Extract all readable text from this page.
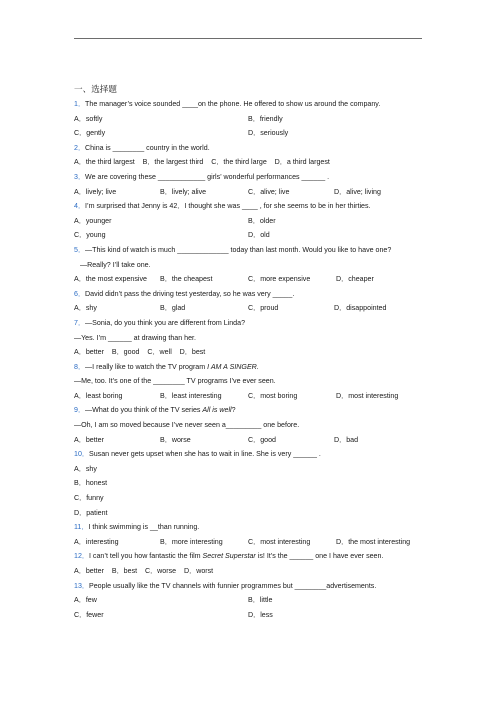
一、选择题
1．The manager’s voice sounded ____on the phone. He offered to show us around the company.
A．softly	B．friendly
C．gently	D．seriously
2．China is ________ country in the world.
A．the third largest    B．the largest third    C．the third large    D．a third largest
3．We are covering these ____________ girls’ wonderful performances ______ .
A．lively; live	B．lively; alive	C．alive; live	D．alive; living
4．I’m surprised that Jenny is 42．I thought she was ____ , for she seems to be in her thirties.
A．younger	B．older
C．young	D．old
5．—This kind of watch is much _____________ today than last month. Would you like to have one?
—Really? I’ll take one.
A．the most expensive	B．the cheapest	C．more expensive	D．cheaper
6．David didn’t pass the driving test yesterday, so he was very _____.
A．shy	B．glad	C．proud	D．disappointed
7．—Sonia, do you think you are different from Linda?
—Yes. I’m ______ at drawing than her.
A．better    B．good    C．well    D．best
8．—I really like to watch the TV program I AM A SINGER.
—Me, too. It’s one of the ________ TV programs I’ve ever seen.
A．least boring	B．least interesting	C．most boring	D．most interesting
9．—What do you think of the TV series All is well?
—Oh, I am so moved because I’ve never seen a_________ one before.
A．better	B．worse	C．good	D．bad
10．Susan never gets upset when she has to wait in line. She is very ______ .
A．shy
B．honest
C．funny
D．patient
11．I think swimming is __than running.
A．interesting	B．more interesting	C．most interesting	D．the most interesting
12．I can’t tell you how fantastic the film Secret Superstar is! It’s the ______ one I have ever seen.
A．better    B．best    C．worse    D．worst
13．People usually like the TV channels with funnier programmes but ________advertisements.
A．few	B．little
C．fewer	D．less
